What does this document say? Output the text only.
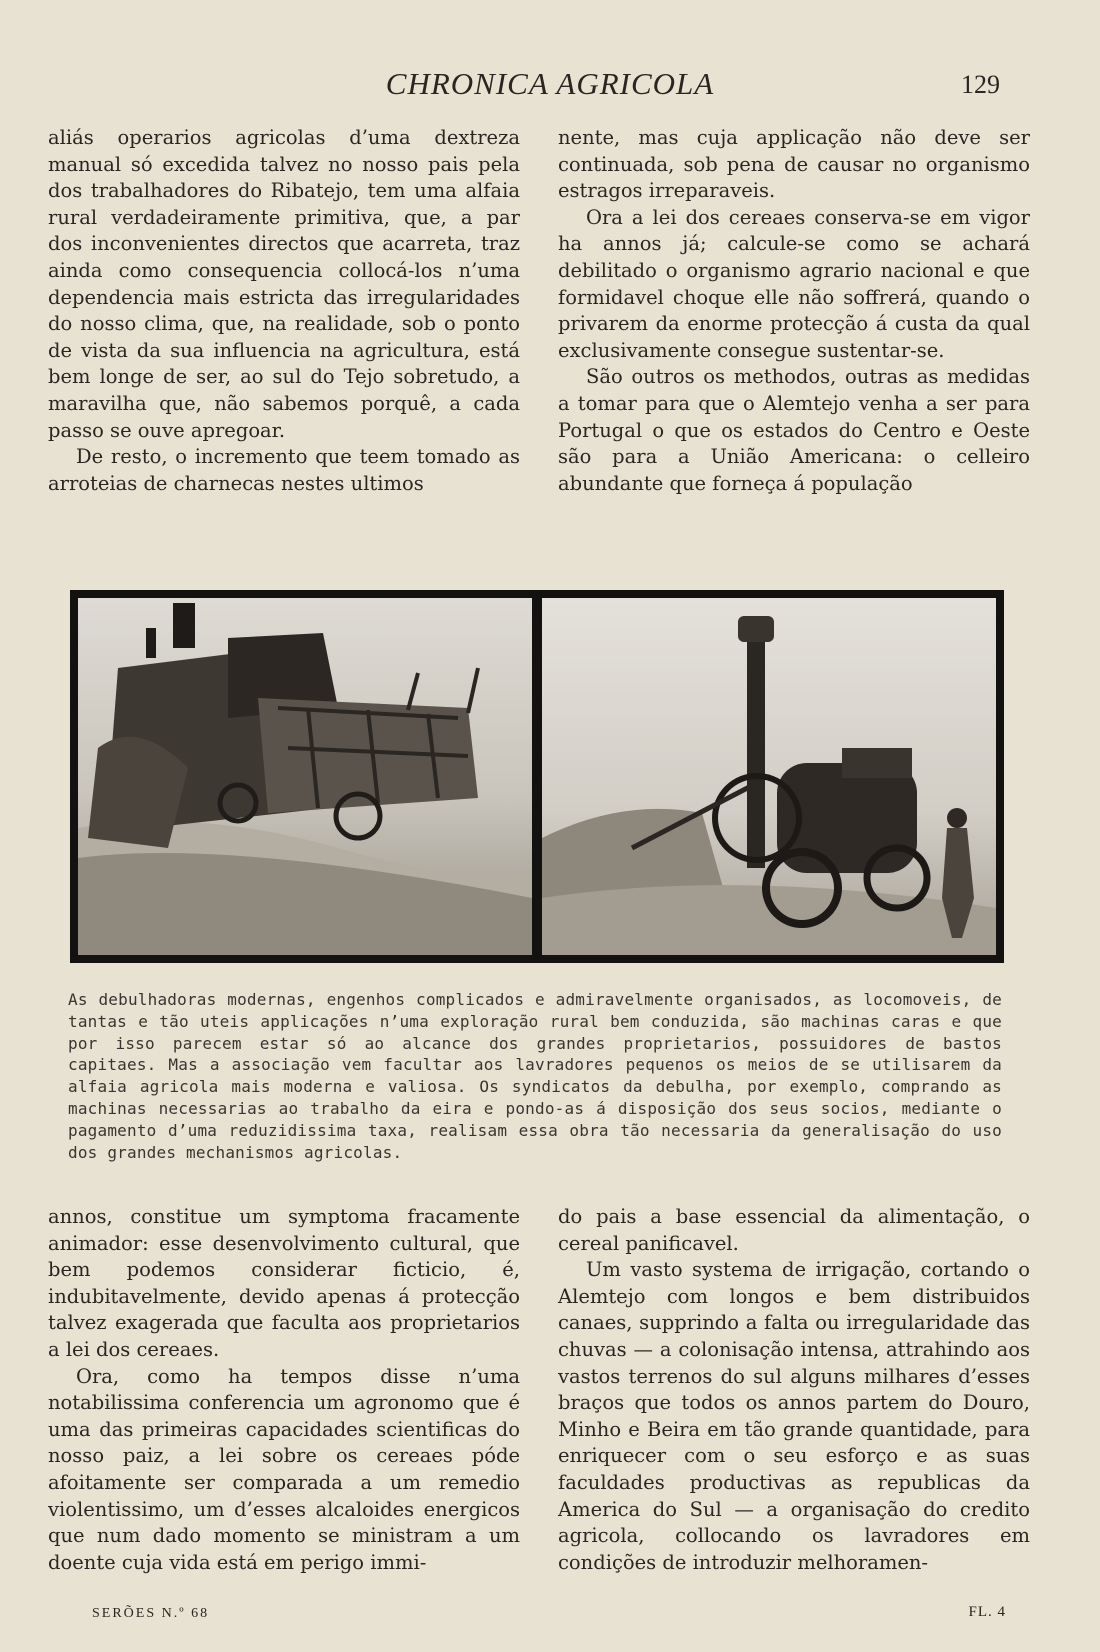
CHRONICA AGRICOLA	129

aliás operarios agricolas d’uma dextreza manual só excedida talvez no nosso pais pela dos trabalhadores do Ribatejo, tem uma alfaia rural verdadeiramente primitiva, que, a par dos inconvenientes directos que acarreta, traz ainda como consequencia collocá-los n’uma dependencia mais estricta das irregularidades do nosso clima, que, na realidade, sob o ponto de vista da sua influencia na agricultura, está bem longe de ser, ao sul do Tejo sobretudo, a maravilha que, não sabemos porquê, a cada passo se ouve apregoar.

De resto, o incremento que teem tomado as arroteias de charnecas nestes ultimos

nente, mas cuja applicação não deve ser continuada, sob pena de causar no organismo estragos irreparaveis.

Ora a lei dos cereaes conserva-se em vigor ha annos já; calcule-se como se achará debilitado o organismo agrario nacional e que formidavel choque elle não soffrerá, quando o privarem da enorme protecção á custa da qual exclusivamente consegue sustentar-se.

São outros os methodos, outras as medidas a tomar para que o Alemtejo venha a ser para Portugal o que os estados do Centro e Oeste são para a União Americana: o celleiro abundante que forneça á população

As debulhadoras modernas, engenhos complicados e admiravelmente organisados, as locomoveis, de tantas e tão uteis applicações n’uma exploração rural bem conduzida, são machinas caras e que por isso parecem estar só ao alcance dos grandes proprietarios, possuidores de bastos capitaes. Mas a associação vem facultar aos lavradores pequenos os meios de se utilisarem da alfaia agricola mais moderna e valiosa. Os syndicatos da debulha, por exemplo, comprando as machinas necessarias ao trabalho da eira e pondo-as á disposição dos seus socios, mediante o pagamento d’uma reduzidissima taxa, realisam essa obra tão necessaria da generalisação do uso dos grandes mechanismos agricolas.

annos, constitue um symptoma fracamente animador: esse desenvolvimento cultural, que bem podemos considerar ficticio, é, indubitavelmente, devido apenas á protecção talvez exagerada que faculta aos proprietarios a lei dos cereaes.

Ora, como ha tempos disse n’uma notabilissima conferencia um agronomo que é uma das primeiras capacidades scientificas do nosso paiz, a lei sobre os cereaes póde afoitamente ser comparada a um remedio violentissimo, um d’esses alcaloides energicos que num dado momento se ministram a um doente cuja vida está em perigo immi-

do pais a base essencial da alimentação, o cereal panificavel.

Um vasto systema de irrigação, cortando o Alemtejo com longos e bem distribuidos canaes, supprindo a falta ou irregularidade das chuvas — a colonisação intensa, attrahindo aos vastos terrenos do sul alguns milhares d’esses braços que todos os annos partem do Douro, Minho e Beira em tão grande quantidade, para enriquecer com o seu esforço e as suas faculdades productivas as republicas da America do Sul — a organisação do credito agricola, collocando os lavradores em condições de introduzir melhoramen-

SERÕES N.º 68	FL. 4
